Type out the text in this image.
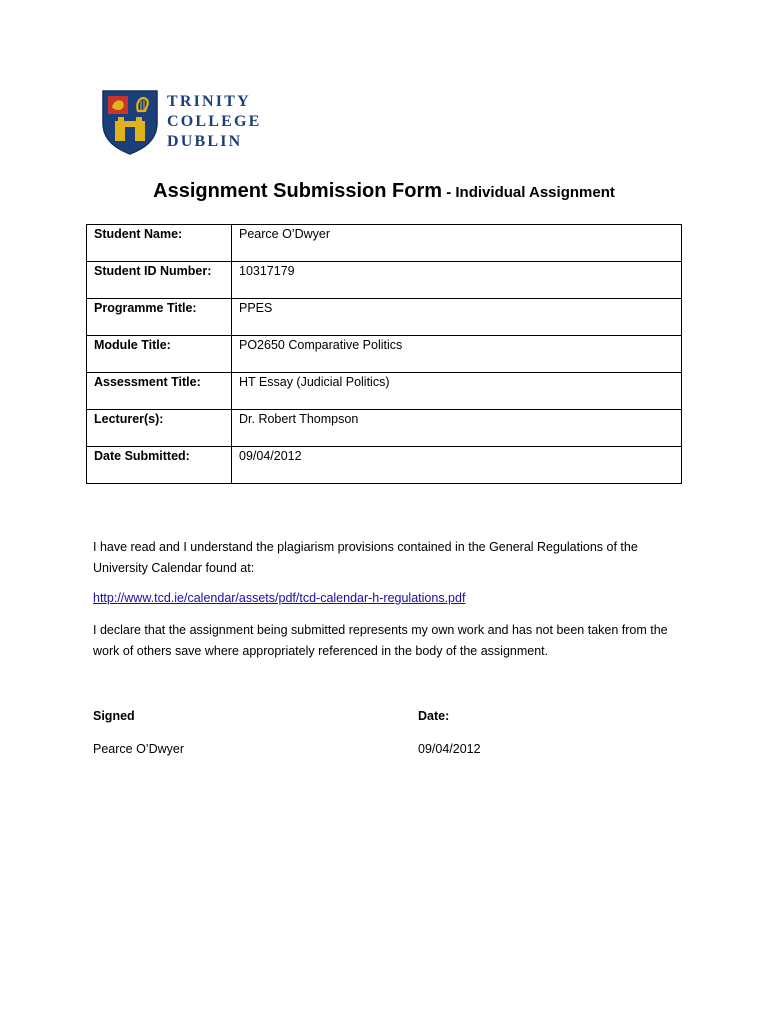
TRINITY
COLLEGE
DUBLIN
Assignment Submission Form - Individual Assignment
Student Name:	Pearce O’Dwyer
Student ID Number:	10317179
Programme Title:	PPES
Module Title:	PO2650 Comparative Politics
Assessment Title:	HT Essay (Judicial Politics)
Lecturer(s):	Dr. Robert Thompson
Date Submitted:	09/04/2012
I have read and I understand the plagiarism provisions contained in the General Regulations of the University Calendar found at:
http://www.tcd.ie/calendar/assets/pdf/tcd-calendar-h-regulations.pdf
I declare that the assignment being submitted represents my own work and has not been taken from the work of others save where appropriately referenced in the body of the assignment.
Signed	Date:
Pearce O’Dwyer	09/04/2012
